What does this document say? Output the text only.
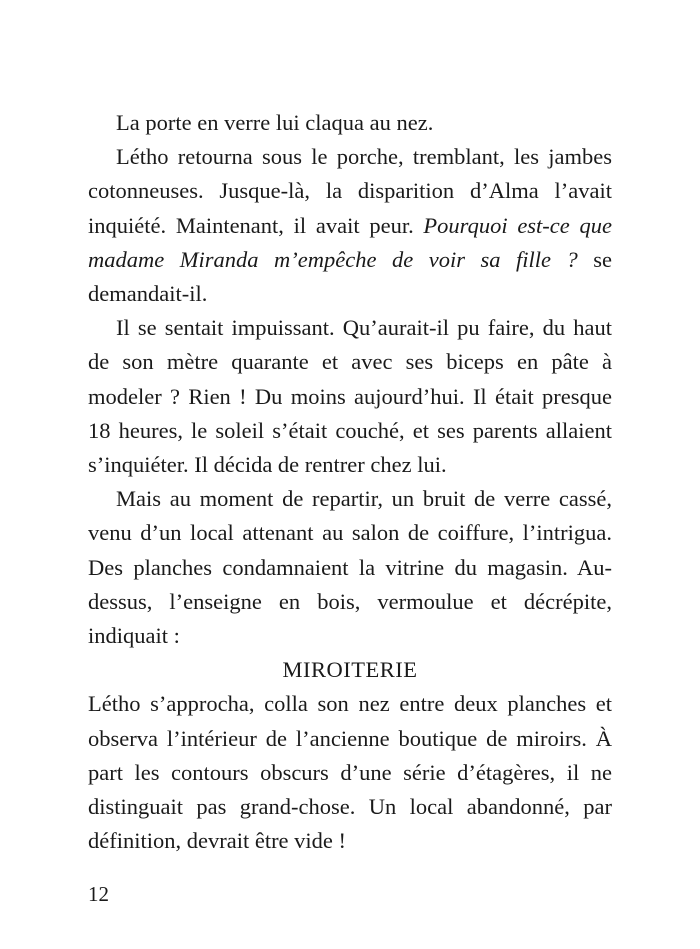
La porte en verre lui claqua au nez.

Létho retourna sous le porche, tremblant, les jambes cotonneuses. Jusque-là, la disparition d’Alma l’avait inquiété. Maintenant, il avait peur. Pourquoi est-ce que madame Miranda m’empêche de voir sa fille ? se demandait-il.

Il se sentait impuissant. Qu’aurait-il pu faire, du haut de son mètre quarante et avec ses biceps en pâte à modeler ? Rien ! Du moins aujourd’hui. Il était presque 18 heures, le soleil s’était couché, et ses parents allaient s’inquiéter. Il décida de rentrer chez lui.

Mais au moment de repartir, un bruit de verre cassé, venu d’un local attenant au salon de coiffure, l’intrigua. Des planches condamnaient la vitrine du magasin. Au-dessus, l’enseigne en bois, vermoulue et décrépite, indiquait :

MIROITERIE

Létho s’approcha, colla son nez entre deux planches et observa l’intérieur de l’ancienne boutique de miroirs. À part les contours obscurs d’une série d’étagères, il ne distinguait pas grand-chose. Un local abandonné, par définition, devrait être vide !

12
